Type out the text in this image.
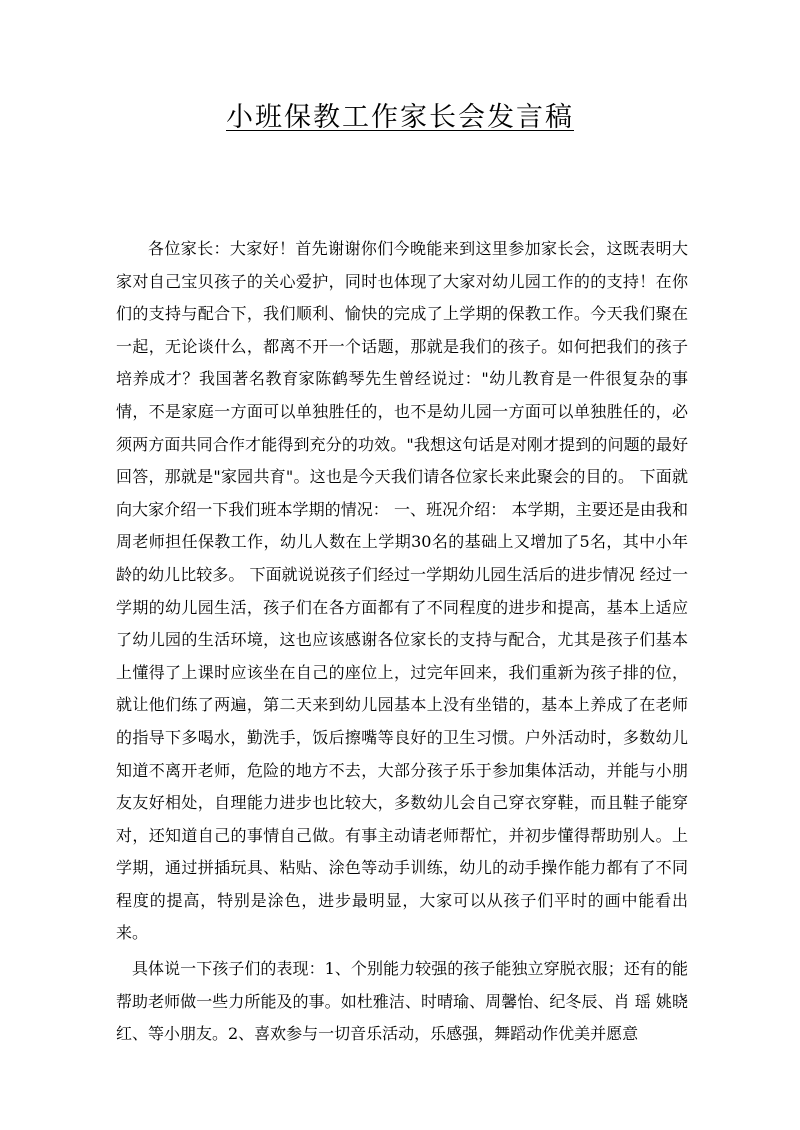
小班保教工作家长会发言稿

各位家长：大家好！首先谢谢你们今晚能来到这里参加家长会，这既表明大家对自己宝贝孩子的关心爱护，同时也体现了大家对幼儿园工作的的支持！在你们的支持与配合下，我们顺利、愉快的完成了上学期的保教工作。今天我们聚在一起，无论谈什么，都离不开一个话题，那就是我们的孩子。如何把我们的孩子培养成才？我国著名教育家陈鹤琴先生曾经说过："幼儿教育是一件很复杂的事情，不是家庭一方面可以单独胜任的，也不是幼儿园一方面可以单独胜任的，必须两方面共同合作才能得到充分的功效。"我想这句话是对刚才提到的问题的最好回答，那就是"家园共育"。这也是今天我们请各位家长来此聚会的目的。 下面就向大家介绍一下我们班本学期的情况： 一、班况介绍： 本学期，主要还是由我和周老师担任保教工作，幼儿人数在上学期30名的基础上又增加了5名，其中小年龄的幼儿比较多。 下面就说说孩子们经过一学期幼儿园生活后的进步情况 经过一学期的幼儿园生活，孩子们在各方面都有了不同程度的进步和提高，基本上适应了幼儿园的生活环境，这也应该感谢各位家长的支持与配合，尤其是孩子们基本上懂得了上课时应该坐在自己的座位上，过完年回来，我们重新为孩子排的位，就让他们练了两遍，第二天来到幼儿园基本上没有坐错的，基本上养成了在老师的指导下多喝水，勤洗手，饭后擦嘴等良好的卫生习惯。户外活动时，多数幼儿知道不离开老师，危险的地方不去，大部分孩子乐于参加集体活动，并能与小朋友友好相处，自理能力进步也比较大，多数幼儿会自己穿衣穿鞋，而且鞋子能穿对，还知道自己的事情自己做。有事主动请老师帮忙，并初步懂得帮助别人。上学期，通过拼插玩具、粘贴、涂色等动手训练，幼儿的动手操作能力都有了不同程度的提高，特别是涂色，进步最明显，大家可以从孩子们平时的画中能看出来。

具体说一下孩子们的表现：1、个别能力较强的孩子能独立穿脱衣服；还有的能帮助老师做一些力所能及的事。如杜雅洁、时晴瑜、周馨怡、纪冬辰、肖 瑶 姚晓红、等小朋友。2、喜欢参与一切音乐活动，乐感强，舞蹈动作优美并愿意
